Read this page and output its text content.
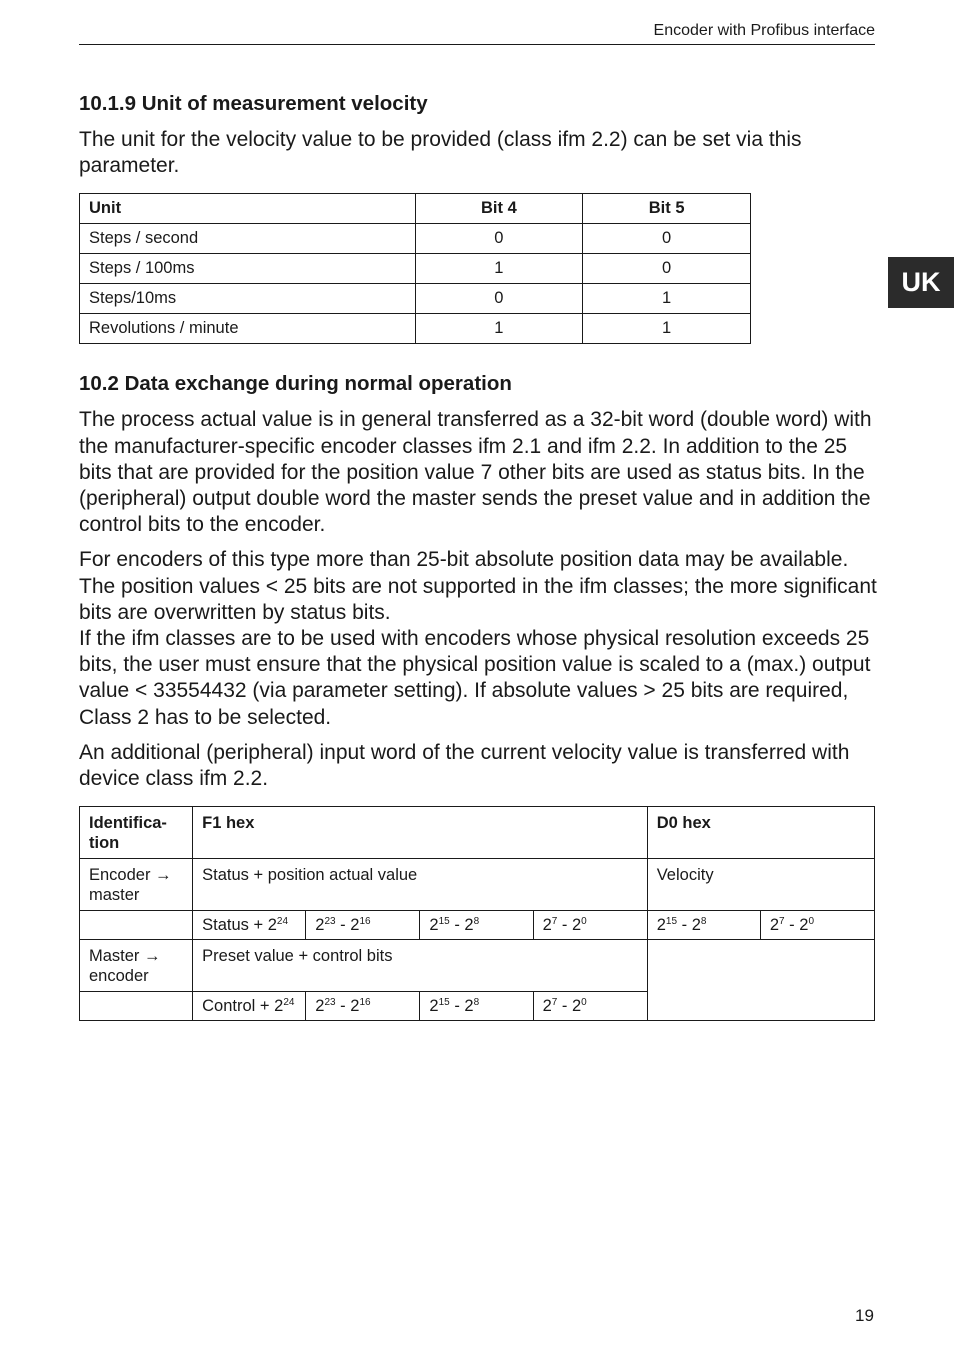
Encoder with Profibus interface
UK
10.1.9 Unit of measurement velocity

The unit for the velocity value to be provided (class ifm 2.2) can be set via this parameter.

Unit	Bit 4	Bit 5
Steps / second	0	0
Steps / 100ms	1	0
Steps/10ms	0	1
Revolutions / minute	1	1
10.2 Data exchange during normal operation

The process actual value is in general transferred as a 32-bit word (double word) with the manufacturer-specific encoder classes ifm 2.1 and ifm 2.2. In addition to the 25 bits that are provided for the position value 7 other bits are used as status bits. In the (peripheral) output double word the master sends the preset value and in addition the control bits to the encoder.

For encoders of this type more than 25-bit absolute position data may be available. The position values < 25 bits are not supported in the ifm classes; the more significant bits are overwritten by status bits.

If the ifm classes are to be used with encoders whose physical resolution exceeds 25 bits, the user must ensure that the physical position value is scaled to a (max.) output value < 33554432 (via parameter setting). If absolute values > 25 bits are required, Class 2 has to be selected.

An additional (peripheral) input word of the current velocity value is transferred with device class ifm 2.2.

Identifica-tion	F1 hex				D0 hex	
Encoder → master	Status + position actual value				Velocity	
	Status + $2^{24}$	$2^{23} - 2^{16}$	$2^{15} - 2^8$	$2^7 - 2^0$	$2^{15} - 2^8$	$2^7 - 2^0$
Master → encoder	Preset value + control bits					
	Control + $2^{24}$	$2^{23} - 2^{16}$	$2^{15} - 2^8$	$2^7 - 2^0$
19
